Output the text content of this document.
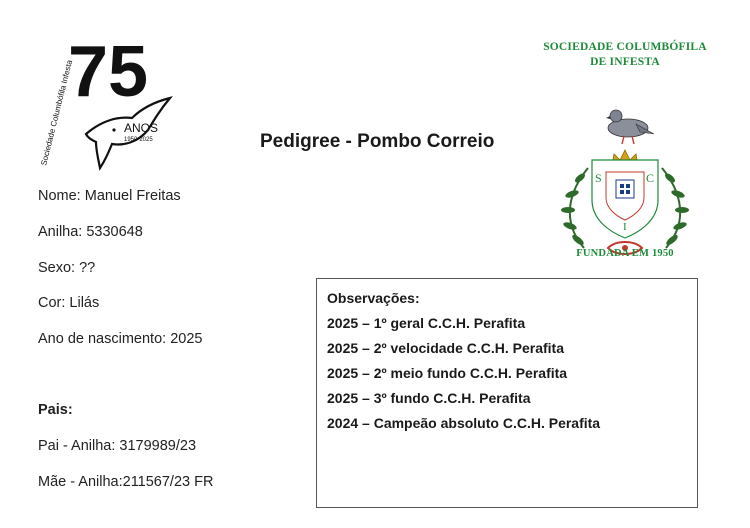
75
Sociedade Columbófila Infesta	ANOS
1950-2025	Pedigree - Pombo Correio
Nome: Manuel Freitas
Anilha: 5330648
Sexo: ??
Cor: Lilás
Ano de nascimento: 2025
Pais:
Pai - Anilha: 3179989/23
Mãe - Anilha:211567/23 FR
SOCIEDADE COLUMBÓFILA
DE INFESTA
S	C
I
FUNDADA EM 1950
Observações:
2025 – 1º geral C.C.H. Perafita
2025 – 2º velocidade C.C.H. Perafita
2025 – 2º meio fundo C.C.H. Perafita
2025 – 3º fundo C.C.H. Perafita
2024 – Campeão absoluto C.C.H. Perafita
